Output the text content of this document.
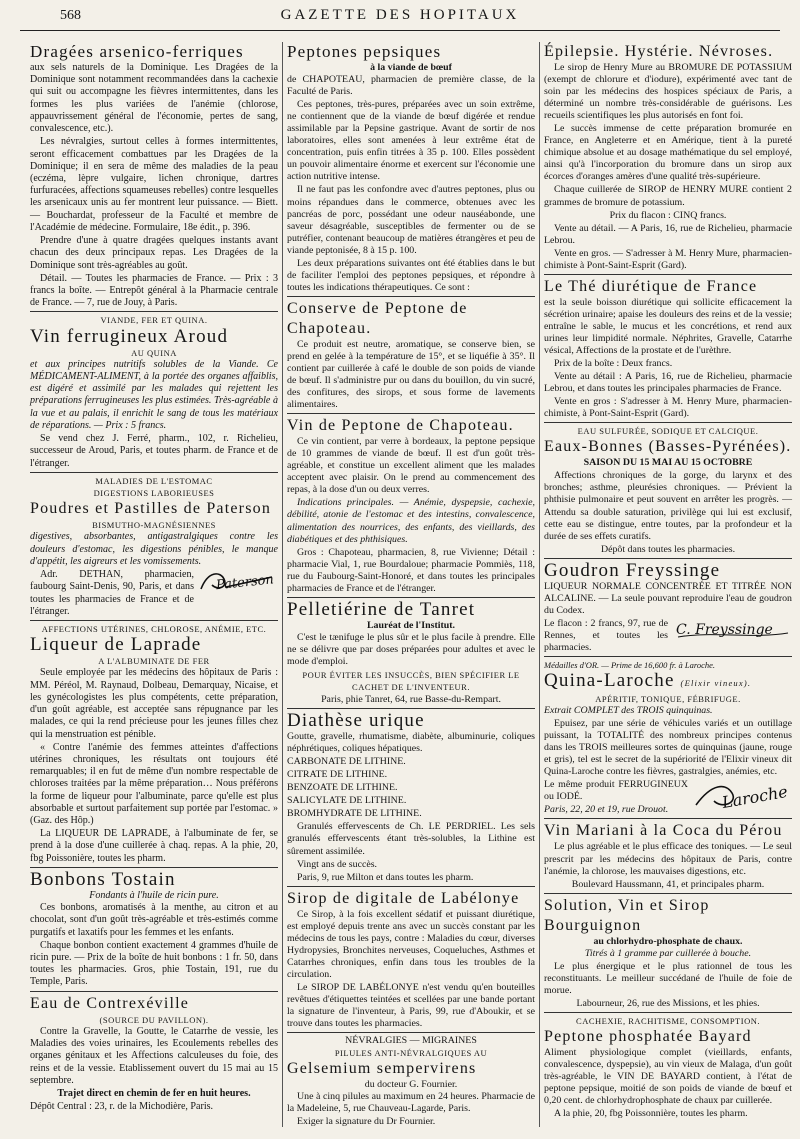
568	GAZETTE DES HOPITAUX
Dragées arsenico-ferriques

aux sels naturels de la Dominique. Les Dragées de la Dominique sont notamment recommandées dans la cachexie qui suit ou accompagne les fièvres intermittentes, dans les formes les plus variées de l'anémie (chlorose, appauvrissement général de l'économie, pertes de sang, convalescence, etc.).

Les névralgies, surtout celles à formes intermittentes, seront efficacement combattues par les Dragées de la Dominique; il en sera de même des maladies de la peau (eczéma, lèpre vulgaire, lichen chronique, dartres furfuracées, affections squameuses rebelles) contre lesquelles les arsenicaux unis au fer montrent leur puissance. — Biett. — Bouchardat, professeur de la Faculté et membre de l'Académie de médecine. Formulaire, 18e édit., p. 396.

Prendre d'une à quatre dragées quelques instants avant chacun des deux principaux repas. Les Dragées de la Dominique sont très-agréables au goût.

Détail. — Toutes les pharmacies de France. — Prix : 3 francs la boîte. — Entrepôt général à la Pharmacie centrale de France. — 7, rue de Jouy, à Paris.

VIANDE, FER ET QUINA.
Vin ferrugineux Aroud
AU QUINA

et aux principes nutritifs solubles de la Viande. Ce MÉDICAMENT-ALIMENT, à la portée des organes affaiblis, est digéré et assimilé par les malades qui rejettent les préparations ferrugineuses les plus estimées. Très-agréable à la vue et au palais, il enrichit le sang de tous les matériaux de réparations. — Prix : 5 francs.

Se vend chez J. Ferré, pharm., 102, r. Richelieu, successeur de Aroud, Paris, et toutes pharm. de France et de l'étranger.

MALADIES DE L'ESTOMAC
DIGESTIONS LABORIEUSES
Poudres et Pastilles de Paterson
BISMUTHO-MAGNÉSIENNES

digestives, absorbantes, antigastralgiques contre les douleurs d'estomac, les digestions pénibles, le manque d'appétit, les aigreurs et les vomissements.

Paterson
Adr. DETHAN, pharmacien, faubourg Saint-Denis, 90, Paris, et dans toutes les pharmacies de France et de l'étranger.

AFFECTIONS UTÉRINES, CHLOROSE, ANÉMIE, ETC.
Liqueur de Laprade
A L'ALBUMINATE DE FER

Seule employée par les médecins des hôpitaux de Paris : MM. Péréol, M. Raynaud, Dolbeau, Demarquay, Nicaise, et les gynécologistes les plus compétents, cette préparation, d'un goût agréable, est acceptée sans répugnance par les malades, ce qui la rend précieuse pour les jeunes filles chez qui la menstruation est pénible.

« Contre l'anémie des femmes atteintes d'affections utérines chroniques, les résultats ont toujours été remarquables; il en fut de même d'un nombre respectable de chloroses traitées par la même préparation… Nous préférons la forme de liqueur pour l'albuminate, parce qu'elle est plus absorbable et surtout parfaitement sup portée par l'estomac. » (Gaz. des Hôp.)

La LIQUEUR DE LAPRADE, à l'albuminate de fer, se prend à la dose d'une cuillerée à chaq. repas. A la phie, 20, fbg Poissonière, toutes les pharm.

Bonbons Tostain
Fondants à l'huile de ricin pure.

Ces bonbons, aromatisés à la menthe, au citron et au chocolat, sont d'un goût très-agréable et très-estimés comme purgatifs et laxatifs pour les femmes et les enfants.

Chaque bonbon contient exactement 4 grammes d'huile de ricin pure. — Prix de la boîte de huit bonbons : 1 fr. 50, dans toutes les pharmacies. Gros, phie Tostain, 191, rue du Temple, Paris.

Eau de Contrexéville
(SOURCE DU PAVILLON).

Contre la Gravelle, la Goutte, le Catarrhe de vessie, les Maladies des voies urinaires, les Ecoulements rebelles des organes génitaux et les Affections calculeuses du foie, des reins et de la vessie. Etablissement ouvert du 15 mai au 15 septembre.

Trajet direct en chemin de fer en huit heures.

Dépôt Central : 23, r. de la Michodière, Paris.

Peptones pepsiques
à la viande de bœuf

de CHAPOTEAU, pharmacien de première classe, de la Faculté de Paris.

Ces peptones, très-pures, préparées avec un soin extrême, ne contiennent que de la viande de bœuf digérée et rendue assimilable par la Pepsine gastrique. Avant de sortir de nos laboratoires, elles sont amenées à leur extrême état de concentration, puis enfin titrées à 35 p. 100. Elles possèdent un pouvoir alimentaire énorme et exercent sur l'économie une action nutritive intense.

Il ne faut pas les confondre avec d'autres peptones, plus ou moins répandues dans le commerce, obtenues avec les pancréas de porc, possédant une odeur nauséabonde, une saveur désagréable, susceptibles de fermenter ou de se putréfier, contenant beaucoup de matières étrangères et peu de viande peptonisée, 8 à 15 p. 100.

Les deux préparations suivantes ont été établies dans le but de faciliter l'emploi des peptones pepsiques, et répondre à toutes les indications thérapeutiques. Ce sont :

Conserve de Peptone de Chapoteau.

Ce produit est neutre, aromatique, se conserve bien, se prend en gelée à la température de 15°, et se liquéfie à 35°. Il contient par cuillerée à café le double de son poids de viande de bœuf. Il s'administre pur ou dans du bouillon, du vin sucré, des confitures, des sirops, et sous forme de lavements alimentaires.

Vin de Peptone de Chapoteau.

Ce vin contient, par verre à bordeaux, la peptone pepsique de 10 grammes de viande de bœuf. Il est d'un goût très-agréable, et constitue un excellent aliment que les malades acceptent avec plaisir. On le prend au commencement des repas, à la dose d'un ou deux verres.

Indications principales. — Anémie, dyspepsie, cachexie, débilité, atonie de l'estomac et des intestins, convalescence, alimentation des nourrices, des enfants, des vieillards, des diabétiques et des phthisiques.

Gros : Chapoteau, pharmacien, 8, rue Vivienne; Détail : pharmacie Vial, 1, rue Bourdaloue; pharmacie Pommiès, 118, rue du Faubourg-Saint-Honoré, et dans toutes les principales pharmacies de France et de l'étranger.

Pelletiérine de Tanret
Lauréat de l'Institut.

C'est le tænifuge le plus sûr et le plus facile à prendre. Elle ne se délivre que par doses préparées pour adultes et avec le mode d'emploi.

POUR ÉVITER LES INSUCCÈS, BIEN SPÉCIFIER LE CACHET DE L'INVENTEUR.

Paris, phie Tanret, 64, rue Basse-du-Rempart.

Diathèse urique

Goutte, gravelle, rhumatisme, diabète, albuminurie, coliques néphrétiques, coliques hépatiques.

CARBONATE DE LITHINE.

CITRATE DE LITHINE.

BENZOATE DE LITHINE.

SALICYLATE DE LITHINE.

BROMHYDRATE DE LITHINE.

Granulés effervescents de Ch. LE PERDRIEL. Les sels granulés effervescents étant très-solubles, la Lithine est sûrement assimilée.

Vingt ans de succès.

Paris, 9, rue Milton et dans toutes les pharm.

Sirop de digitale de Labélonye

Ce Sirop, à la fois excellent sédatif et puissant diurétique, est employé depuis trente ans avec un succès constant par les médecins de tous les pays, contre : Maladies du cœur, diverses Hydropysies, Bronchites nerveuses, Coqueluches, Asthmes et Catarrhes chroniques, enfin dans tous les troubles de la circulation.

Le SIROP DE LABÉLONYE n'est vendu qu'en bouteilles revêtues d'étiquettes teintées et scellées par une bande portant la signature de l'inventeur, à Paris, 99, rue d'Aboukir, et se trouve dans toutes les pharmacies.

NÉVRALGIES — MIGRAINES
PILULES ANTI-NÉVRALGIQUES AU
Gelsemium sempervirens
du docteur G. Fournier.

Une à cinq pilules au maximum en 24 heures. Pharmacie de la Madeleine, 5, rue Chauveau-Lagarde, Paris.

Exiger la signature du Dr Fournier.

Épilepsie. Hystérie. Névroses.

Le sirop de Henry Mure au BROMURE DE POTASSIUM (exempt de chlorure et d'iodure), expérimenté avec tant de soin par les médecins des hospices spéciaux de Paris, a déterminé un nombre très-considérable de guérisons. Les recueils scientifiques les plus autorisés en font foi.

Le succès immense de cette préparation bromurée en France, en Angleterre et en Amérique, tient à la pureté chimique absolue et au dosage mathématique du sel employé, ainsi qu'à l'incorporation du bromure dans un sirop aux écorces d'oranges amères d'une qualité très-supérieure.

Chaque cuillerée de SIROP de HENRY MURE contient 2 grammes de bromure de potassium.

Prix du flacon : CINQ francs.

Vente au détail. — A Paris, 16, rue de Richelieu, pharmacie Lebrou.

Vente en gros. — S'adresser à M. Henry Mure, pharmacien-chimiste à Pont-Saint-Esprit (Gard).

Le Thé diurétique de France

est la seule boisson diurétique qui sollicite efficacement la sécrétion urinaire; apaise les douleurs des reins et de la vessie; entraîne le sable, le mucus et les concrétions, et rend aux urines leur limpidité normale. Néphrites, Gravelle, Catarrhe vésical, Affections de la prostate et de l'urèthre.

Prix de la boîte : Deux francs.

Vente au détail : A Paris, 16, rue de Richelieu, pharmacie Lebrou, et dans toutes les principales pharmacies de France.

Vente en gros : S'adresser à M. Henry Mure, pharmacien-chimiste, à Pont-Saint-Esprit (Gard).

EAU SULFURÉE, SODIQUE ET CALCIQUE.
Eaux-Bonnes (Basses-Pyrénées).

SAISON DU 15 MAI AU 15 OCTOBRE

Affections chroniques de la gorge, du larynx et des bronches; asthme, pleurésies chroniques. — Prévient la phthisie pulmonaire et peut souvent en arrêter les progrès. — Attendu sa double saturation, privilège qui lui est exclusif, cette eau se distingue, entre toutes, par la profondeur et la durée de ses effets curatifs.

Dépôt dans toutes les pharmacies.

Goudron Freyssinge

LIQUEUR NORMALE CONCENTRÉE ET TITRÉE NON ALCALINE. — La seule pouvant reproduire l'eau de goudron du Codex.

C. Freyssinge
Le flacon : 2 francs, 97, rue de Rennes, et toutes les pharmacies.

Médailles d'OR. — Prime de 16,600 fr. à Laroche.
Quina-Laroche (Elixir vineux).
APÉRITIF, TONIQUE, FÉBRIFUGE.

Extrait COMPLET des TROIS quinquinas.

Epuisez, par une série de véhicules variés et un outillage puissant, la TOTALITÉ des nombreux principes contenus dans les TROIS meilleures sortes de quinquinas (jaune, rouge et gris), tel est le secret de la supériorité de l'Elixir vineux dit Quina-Laroche contre les fièvres, gastralgies, anémies, etc.

Laroche
Le même produit FERRUGINEUX ou IODÉ.

Paris, 22, 20 et 19, rue Drouot.

Vin Mariani à la Coca du Pérou

Le plus agréable et le plus efficace des toniques. — Le seul prescrit par les médecins des hôpitaux de Paris, contre l'anémie, la chlorose, les mauvaises digestions, etc.

Boulevard Haussmann, 41, et principales pharm.

Solution, Vin et Sirop Bourguignon
au chlorhydro-phosphate de chaux.

Titrés à 1 gramme par cuillerée à bouche.

Le plus énergique et le plus rationnel de tous les reconstituants. Le meilleur succédané de l'huile de foie de morue.

Labourneur, 26, rue des Missions, et les phies.

CACHEXIE, RACHITISME, CONSOMPTION.
Peptone phosphatée Bayard

Aliment physiologique complet (vieillards, enfants, convalescence, dyspepsie), au vin vieux de Malaga, d'un goût très-agréable, le VIN DE BAYARD contient, à l'état de peptone pepsique, moitié de son poids de viande de bœuf et 0,20 cent. de chlorhydrophosphate de chaux par cuillerée.

A la phie, 20, fbg Poissonnière, toutes les pharm.
